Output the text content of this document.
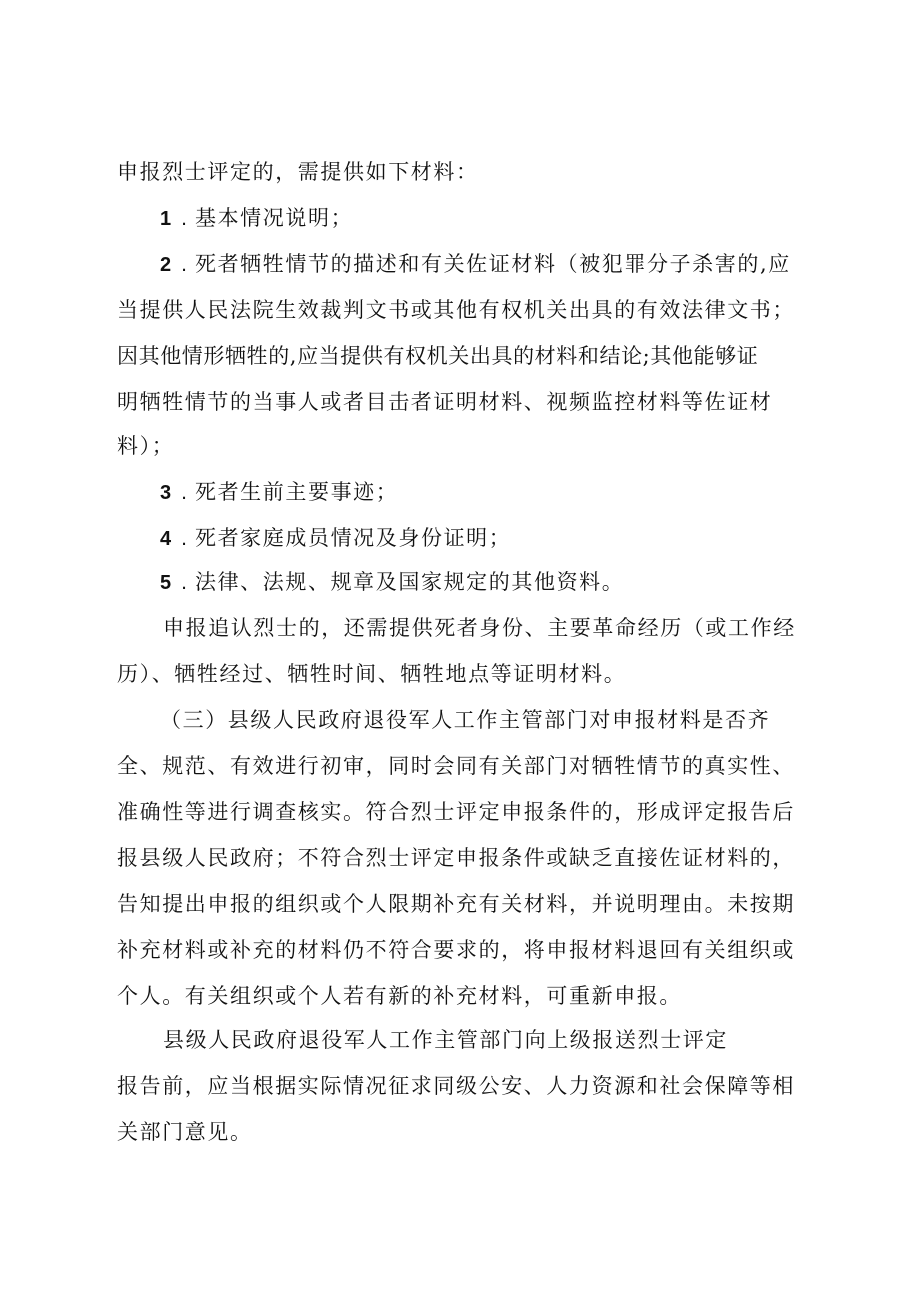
申报烈士评定的，需提供如下材料：
1 . 基本情况说明；
2 . 死者牺牲情节的描述和有关佐证材料（被犯罪分子杀害的,应
当提供人民法院生效裁判文书或其他有权机关出具的有效法律文书；
因其他情形牺牲的,应当提供有权机关出具的材料和结论;其他能够证
明牺牲情节的当事人或者目击者证明材料、视频监控材料等佐证材
料）；
3 . 死者生前主要事迹；
4 . 死者家庭成员情况及身份证明；
5 . 法律、法规、规章及国家规定的其他资料。
申报追认烈士的，还需提供死者身份、主要革命经历（或工作经
历）、牺牲经过、牺牲时间、牺牲地点等证明材料。
（三）县级人民政府退役军人工作主管部门对申报材料是否齐
全、规范、有效进行初审，同时会同有关部门对牺牲情节的真实性、
准确性等进行调查核实。符合烈士评定申报条件的，形成评定报告后
报县级人民政府；不符合烈士评定申报条件或缺乏直接佐证材料的，
告知提出申报的组织或个人限期补充有关材料，并说明理由。未按期
补充材料或补充的材料仍不符合要求的，将申报材料退回有关组织或
个人。有关组织或个人若有新的补充材料，可重新申报。
县级人民政府退役军人工作主管部门向上级报送烈士评定
报告前，应当根据实际情况征求同级公安、人力资源和社会保障等相
关部门意见。
